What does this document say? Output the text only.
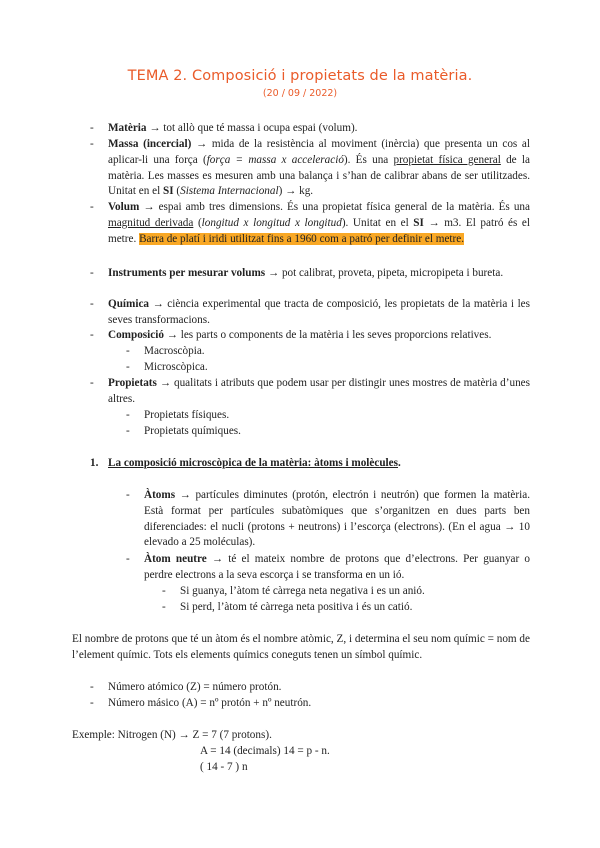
TEMA 2. Composició i propietats de la matèria.
(20 / 09 / 2022)
- Matèria → tot allò que té massa i ocupa espai (volum).
- Massa (incercial) → mida de la resistència al moviment (inèrcia) que presenta un cos al aplicar-li una força (força = massa x acceleració). És una propietat física general de la matèria. Les masses es mesuren amb una balança i s’han de calibrar abans de ser utilitzades. Unitat en el SI (Sistema Internacional) → kg.
- Volum → espai amb tres dimensions. És una propietat física general de la matèria. És una magnitud derivada (longitud x longitud x longitud). Unitat en el SI → m3. El patró és el metre. Barra de platí i iridi utilitzat fins a 1960 com a patró per definir el metre.
- Instruments per mesurar volums → pot calibrat, proveta, pipeta, micropipeta i bureta.
- Química → ciència experimental que tracta de composició, les propietats de la matèria i les seves transformacions.
- Composició → les parts o components de la matèria i les seves proporcions relatives.
- Macroscòpia.
- Microscòpica.
- Propietats → qualitats i atributs que podem usar per distingir unes mostres de matèria d’unes altres.
- Propietats físiques.
- Propietats químiques.
1. La composició microscòpica de la matèria: àtoms i molècules.
- Àtoms → partícules diminutes (protón, electrón i neutrón) que formen la matèria. Està format per partícules subatòmiques que s’organitzen en dues parts ben diferenciades: el nucli (protons + neutrons) i l’escorça (electrons). (En el agua → 10 elevado a 25 moléculas).
- Àtom neutre → té el mateix nombre de protons que d’electrons. Per guanyar o perdre electrons a la seva escorça i se transforma en un ió.
- Si guanya, l’àtom té càrrega neta negativa i es un anió.
- Si perd, l’àtom té càrrega neta positiva i és un catió.
El nombre de protons que té un àtom és el nombre atòmic, Z, i determina el seu nom químic = nom de l’element químic. Tots els elements químics coneguts tenen un símbol químic.
- Número atómico (Z) = número protón.
- Número másico (A) = nº protón + nº neutrón.
Exemple: Nitrogen (N) → Z = 7 (7 protons).
A = 14 (decimals) 14 = p - n.
( 14 - 7 ) n
